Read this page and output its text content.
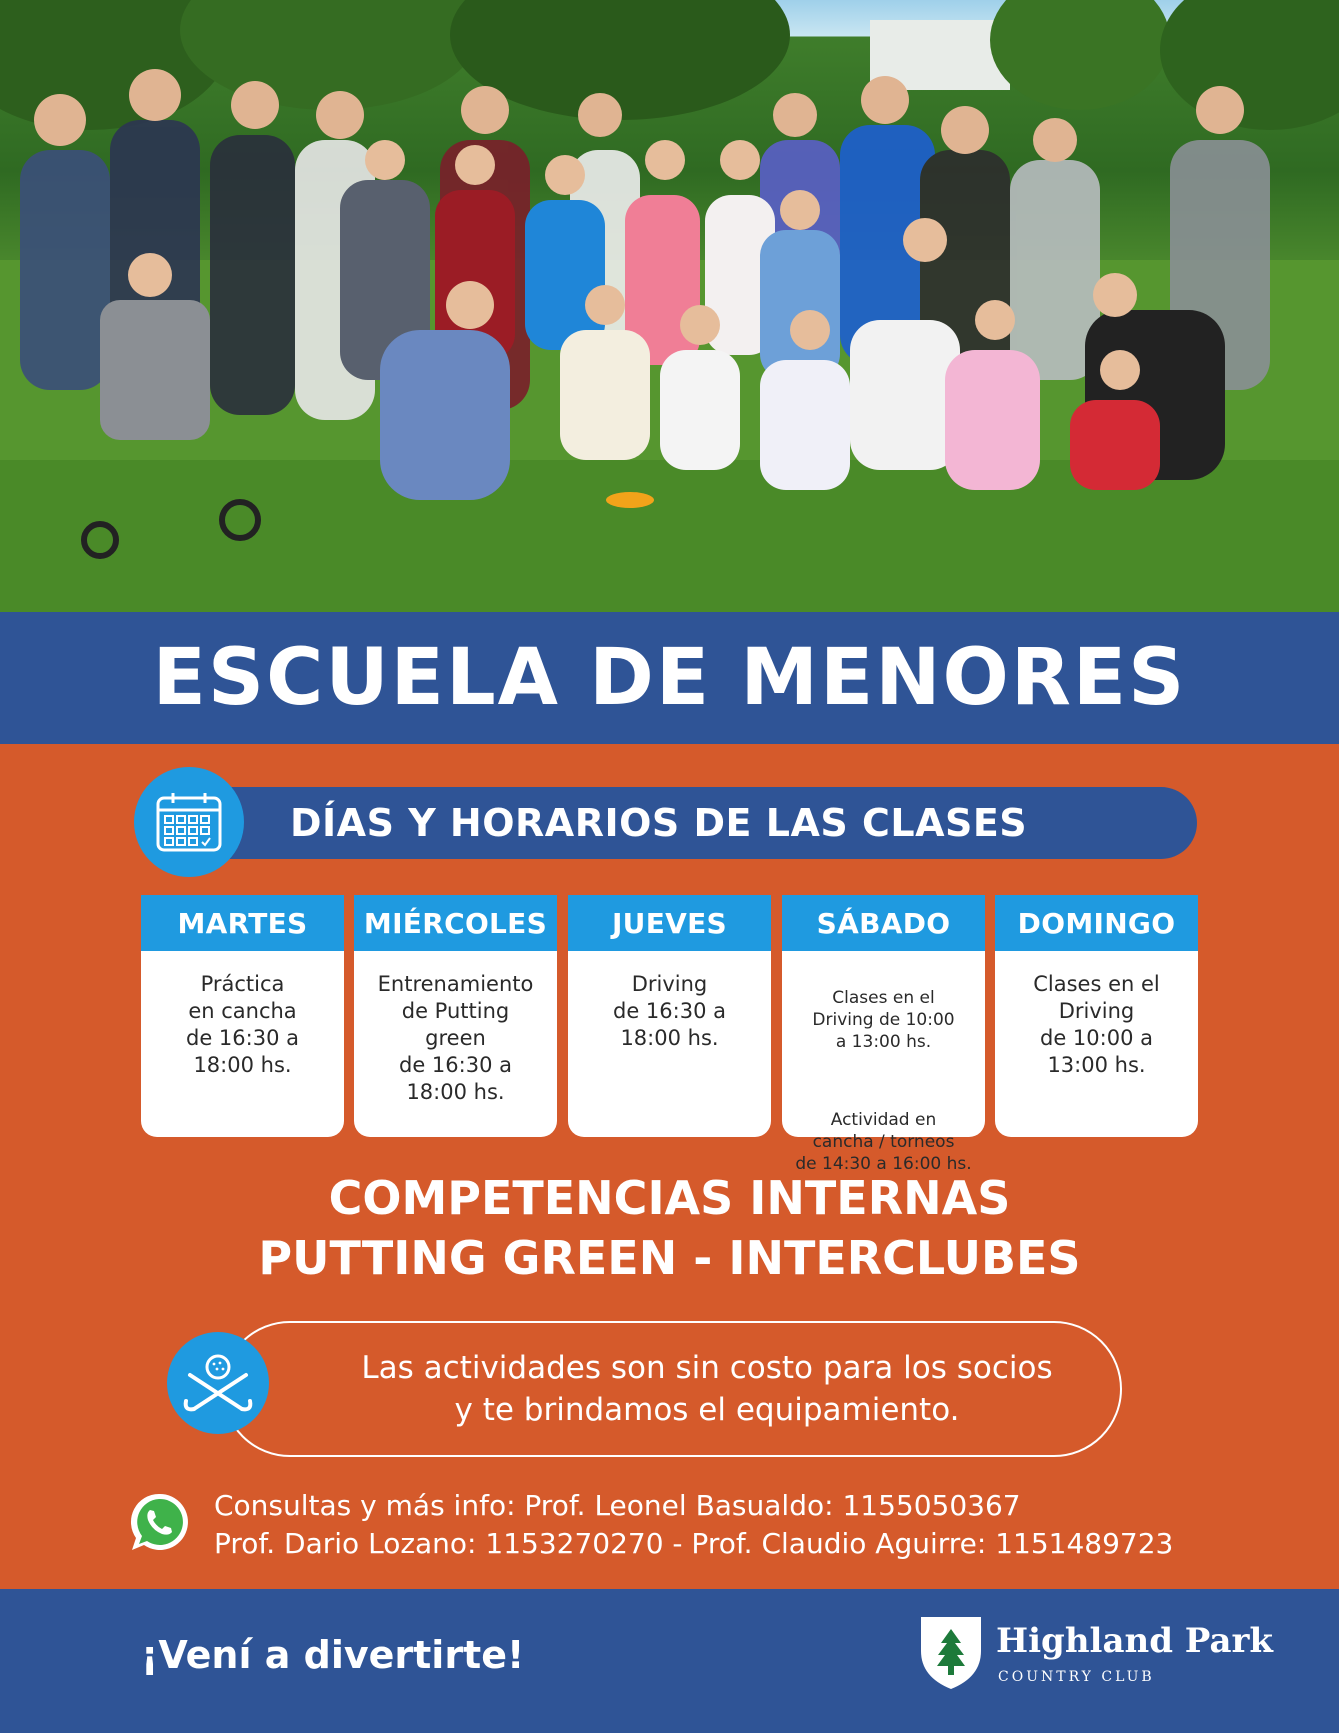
ESCUELA DE MENORES
DÍAS Y HORARIOS DE LAS CLASES
MARTES
Práctica
en cancha
de 16:30 a
18:00 hs.
MIÉRCOLES
Entrenamiento
de Putting
green
de 16:30 a
18:00 hs.
JUEVES
Driving
de 16:30 a
18:00 hs.
SÁBADO

Clases en el
Driving de 10:00
a 13:00 hs.

Actividad en
cancha / torneos
de 14:30 a 16:00 hs.

DOMINGO
Clases en el
Driving
de 10:00 a
13:00 hs.
COMPETENCIAS INTERNAS
PUTTING GREEN - INTERCLUBES
Las actividades son sin costo para los socios
y te brindamos el equipamiento.
Consultas y más info: Prof. Leonel Basualdo: 1155050367
Prof. Dario Lozano: 1153270270 - Prof. Claudio Aguirre: 1151489723
¡Vení a divertirte!	Highland Park
COUNTRY CLUB
